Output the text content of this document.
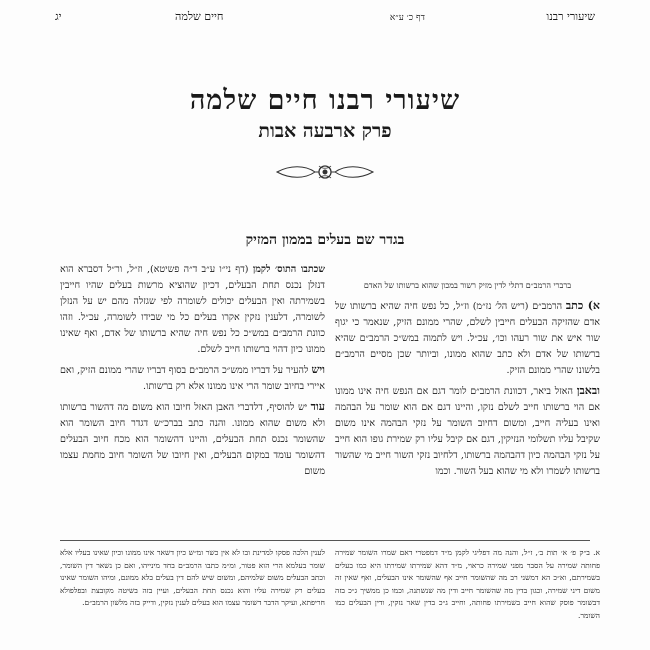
שיעורי רבנו
דף כ׳ ע״א
חיים שלמה
יג
שיעורי רבנו חיים שלמה
פרק ארבעה אבות
בגדר שם בעלים בממון המזיק
ברברי הרמב״ם דתלי לדין מזיק רשור במכון שהוא ברשותו של האדם

א) כתב הרמב״ם (ריש הל׳ נז״מ) וז״ל, כל נפש חיה שהיא ברשותו של אדם שהזיקה הבעלים חייבין לשלם, שהרי ממונם הזיק, שנאמר כי יגוף שור איש את שור רעהו וכו׳, עכ״ל. ויש לתמוה במש״כ הרמב״ם שהיא ברשותו של אדם ולא כתב שהוא ממונו, וביותר שכן מסיים הרמב״ם בלשונו שהרי ממונם הזיק.

ובאבן האזל ביאר, דכוונת הרמב״ם לומר דגם אם הנפש חיה אינו ממונו אם הוי ברשותו חייב לשלם נזקו, והיינו דגם אם הוא שומר על הבהמה ואינו בעליה חייב, ומשום דחיוב השומר על נזקי הבהמה אינו משום שקיבל עליו תשלומי הנזיקין, דגם אם קיבל עליו רק שמירת גופו הוא חייב על נזקי הבהמה כיון דהבהמה ברשותו, דלחיוב נזקי השור חייב מי שהשור ברשותו לשמרו ולא מי שהוא בעל השור. וכמו

שכתבו התוס׳ לקמן (דף ני״ו ע״ב ד״ה פשיטא), וז״ל, ור״ל דסברא הוא דנזלן נכנס תחת הבעלים, דכיון שהוציא מרשות בעלים שהיו חייבין בשמירתה ואין הבעלים יכולים לשומרה לפי שגזלה מהם יש על הנזלן לשומרה, דלענין נזקין אקרו בעלים כל מי שבידו לשומרה, עכ״ל. וזהו כוונת הרמב״ם במש״כ כל נפש חיה שהיא ברשותו של אדם, ואף שאינו ממונו כיון דהוי ברשותו חייב לשלם.

ויש להעיר על דבריו ממש״כ הרמב״ם בסוף דבריו שהרי ממונם הזיק, ואם איירי בחיוב שומר הרי אינו ממונו אלא רק ברשותו.

עוד יש להוסיף, דלדברי האבן האזל חיובו הוא משום מה דהשור ברשותו ולא משום שהוא ממונו. והנה כתב בברכ״ש דגדר חיוב השומר הוא שהשומר נכנס תחת הבעלים, והיינו דהשומר הוא מכח חיוב הבעלים דהשומר עומד במקום הבעלים, ואין חיובו של השומר חיוב מחמת עצמו משום

א. ב״ק פ׳ א׳ תות ב׳, ז״ל, והנה מה דפליגי לקמן מ״ד דמפטרי דאם שמרו השומר שמירה פחותה שמירה על הסבר מפני שמירה כראוי, מ״ד דהא שמירתו שמירתו היא כמו בעלים בשמירתם, וא״כ הא דמשני רב מה שהשומר חייב אף שהשומר אינו הבעלים, ואף שאין זה משום דיני שמירה, וכגון בדין מה שהשומר חייב ודין מה שנשתנה, וכמו כן ממשיך ג״כ בזה דבשומר פוסק שהוא חייב בשמירתו פחותה, וחייב ג״כ בדין שאר נזקין, ודין הבעלים כמו השומר.
לענין הלכה פסקו למדינת ובו לא אין כשר ומ״ש כיון דשאר אינו ממונו וכיון שאינו בעליו אלא שומר בעלמא הרי הוא פטור, ומ״מ כתבו הרמב״ם בחד מינייהו, ואם כן נשאר דין השומר, וכתב הבעלים משום שלמיהם, ומשום שיש להם דין בעלים בלא ממונם, ומיהו השומר שאינו בעלים רק שמירה עליו והוא נכנס תחת הבעלים, ועיין בזה בשיטה מקובצת ובפלפולא חריפתא, ועיקר הדבר דשומר עצמו הוא בעלים לענין נזקין, ודייק בזה מלשון הרמב״ם.
